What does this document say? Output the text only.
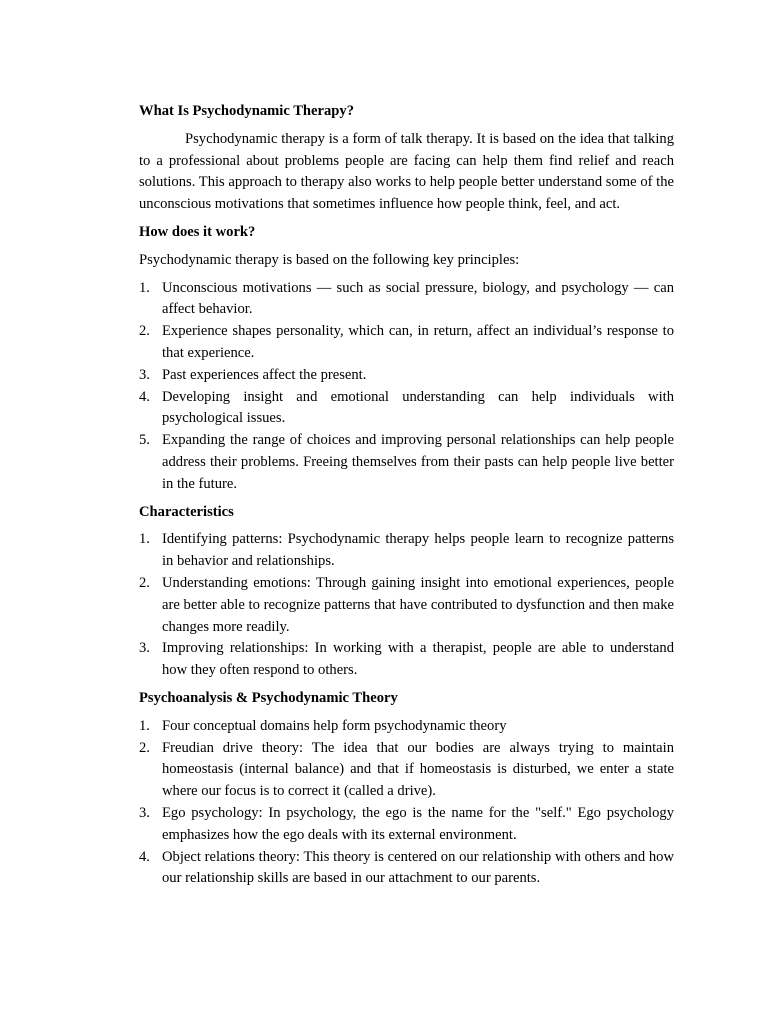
What Is Psychodynamic Therapy?

Psychodynamic therapy is a form of talk therapy. It is based on the idea that talking to a professional about problems people are facing can help them find relief and reach solutions. This approach to therapy also works to help people better understand some of the unconscious motivations that sometimes influence how people think, feel, and act.

How does it work?

Psychodynamic therapy is based on the following key principles:

1. Unconscious motivations — such as social pressure, biology, and psychology — can affect behavior.
2. Experience shapes personality, which can, in return, affect an individual’s response to that experience.
3. Past experiences affect the present.
4. Developing insight and emotional understanding can help individuals with psychological issues.
5. Expanding the range of choices and improving personal relationships can help people address their problems. Freeing themselves from their pasts can help people live better in the future.
Characteristics
1. Identifying patterns: Psychodynamic therapy helps people learn to recognize patterns in behavior and relationships.
2. Understanding emotions: Through gaining insight into emotional experiences, people are better able to recognize patterns that have contributed to dysfunction and then make changes more readily.
3. Improving relationships: In working with a therapist, people are able to understand how they often respond to others.
Psychoanalysis & Psychodynamic Theory
1. Four conceptual domains help form psychodynamic theory
2. Freudian drive theory: The idea that our bodies are always trying to maintain homeostasis (internal balance) and that if homeostasis is disturbed, we enter a state where our focus is to correct it (called a drive).
3. Ego psychology: In psychology, the ego is the name for the "self." Ego psychology emphasizes how the ego deals with its external environment.
4. Object relations theory: This theory is centered on our relationship with others and how our relationship skills are based in our attachment to our parents.
